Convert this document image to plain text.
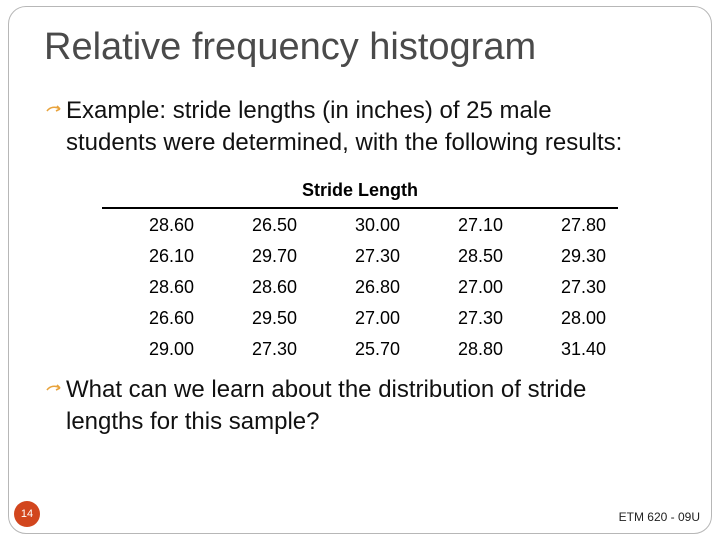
Relative frequency histogram
Example: stride lengths (in inches) of 25 male
students were determined, with the following results:
Stride Length
28.60	26.50	30.00	27.10	27.80
26.10	29.70	27.30	28.50	29.30
28.60	28.60	26.80	27.00	27.30
26.60	29.50	27.00	27.30	28.00
29.00	27.30	25.70	28.80	31.40
What can we learn about the distribution of stride
lengths for this sample?
14	ETM 620 - 09U
